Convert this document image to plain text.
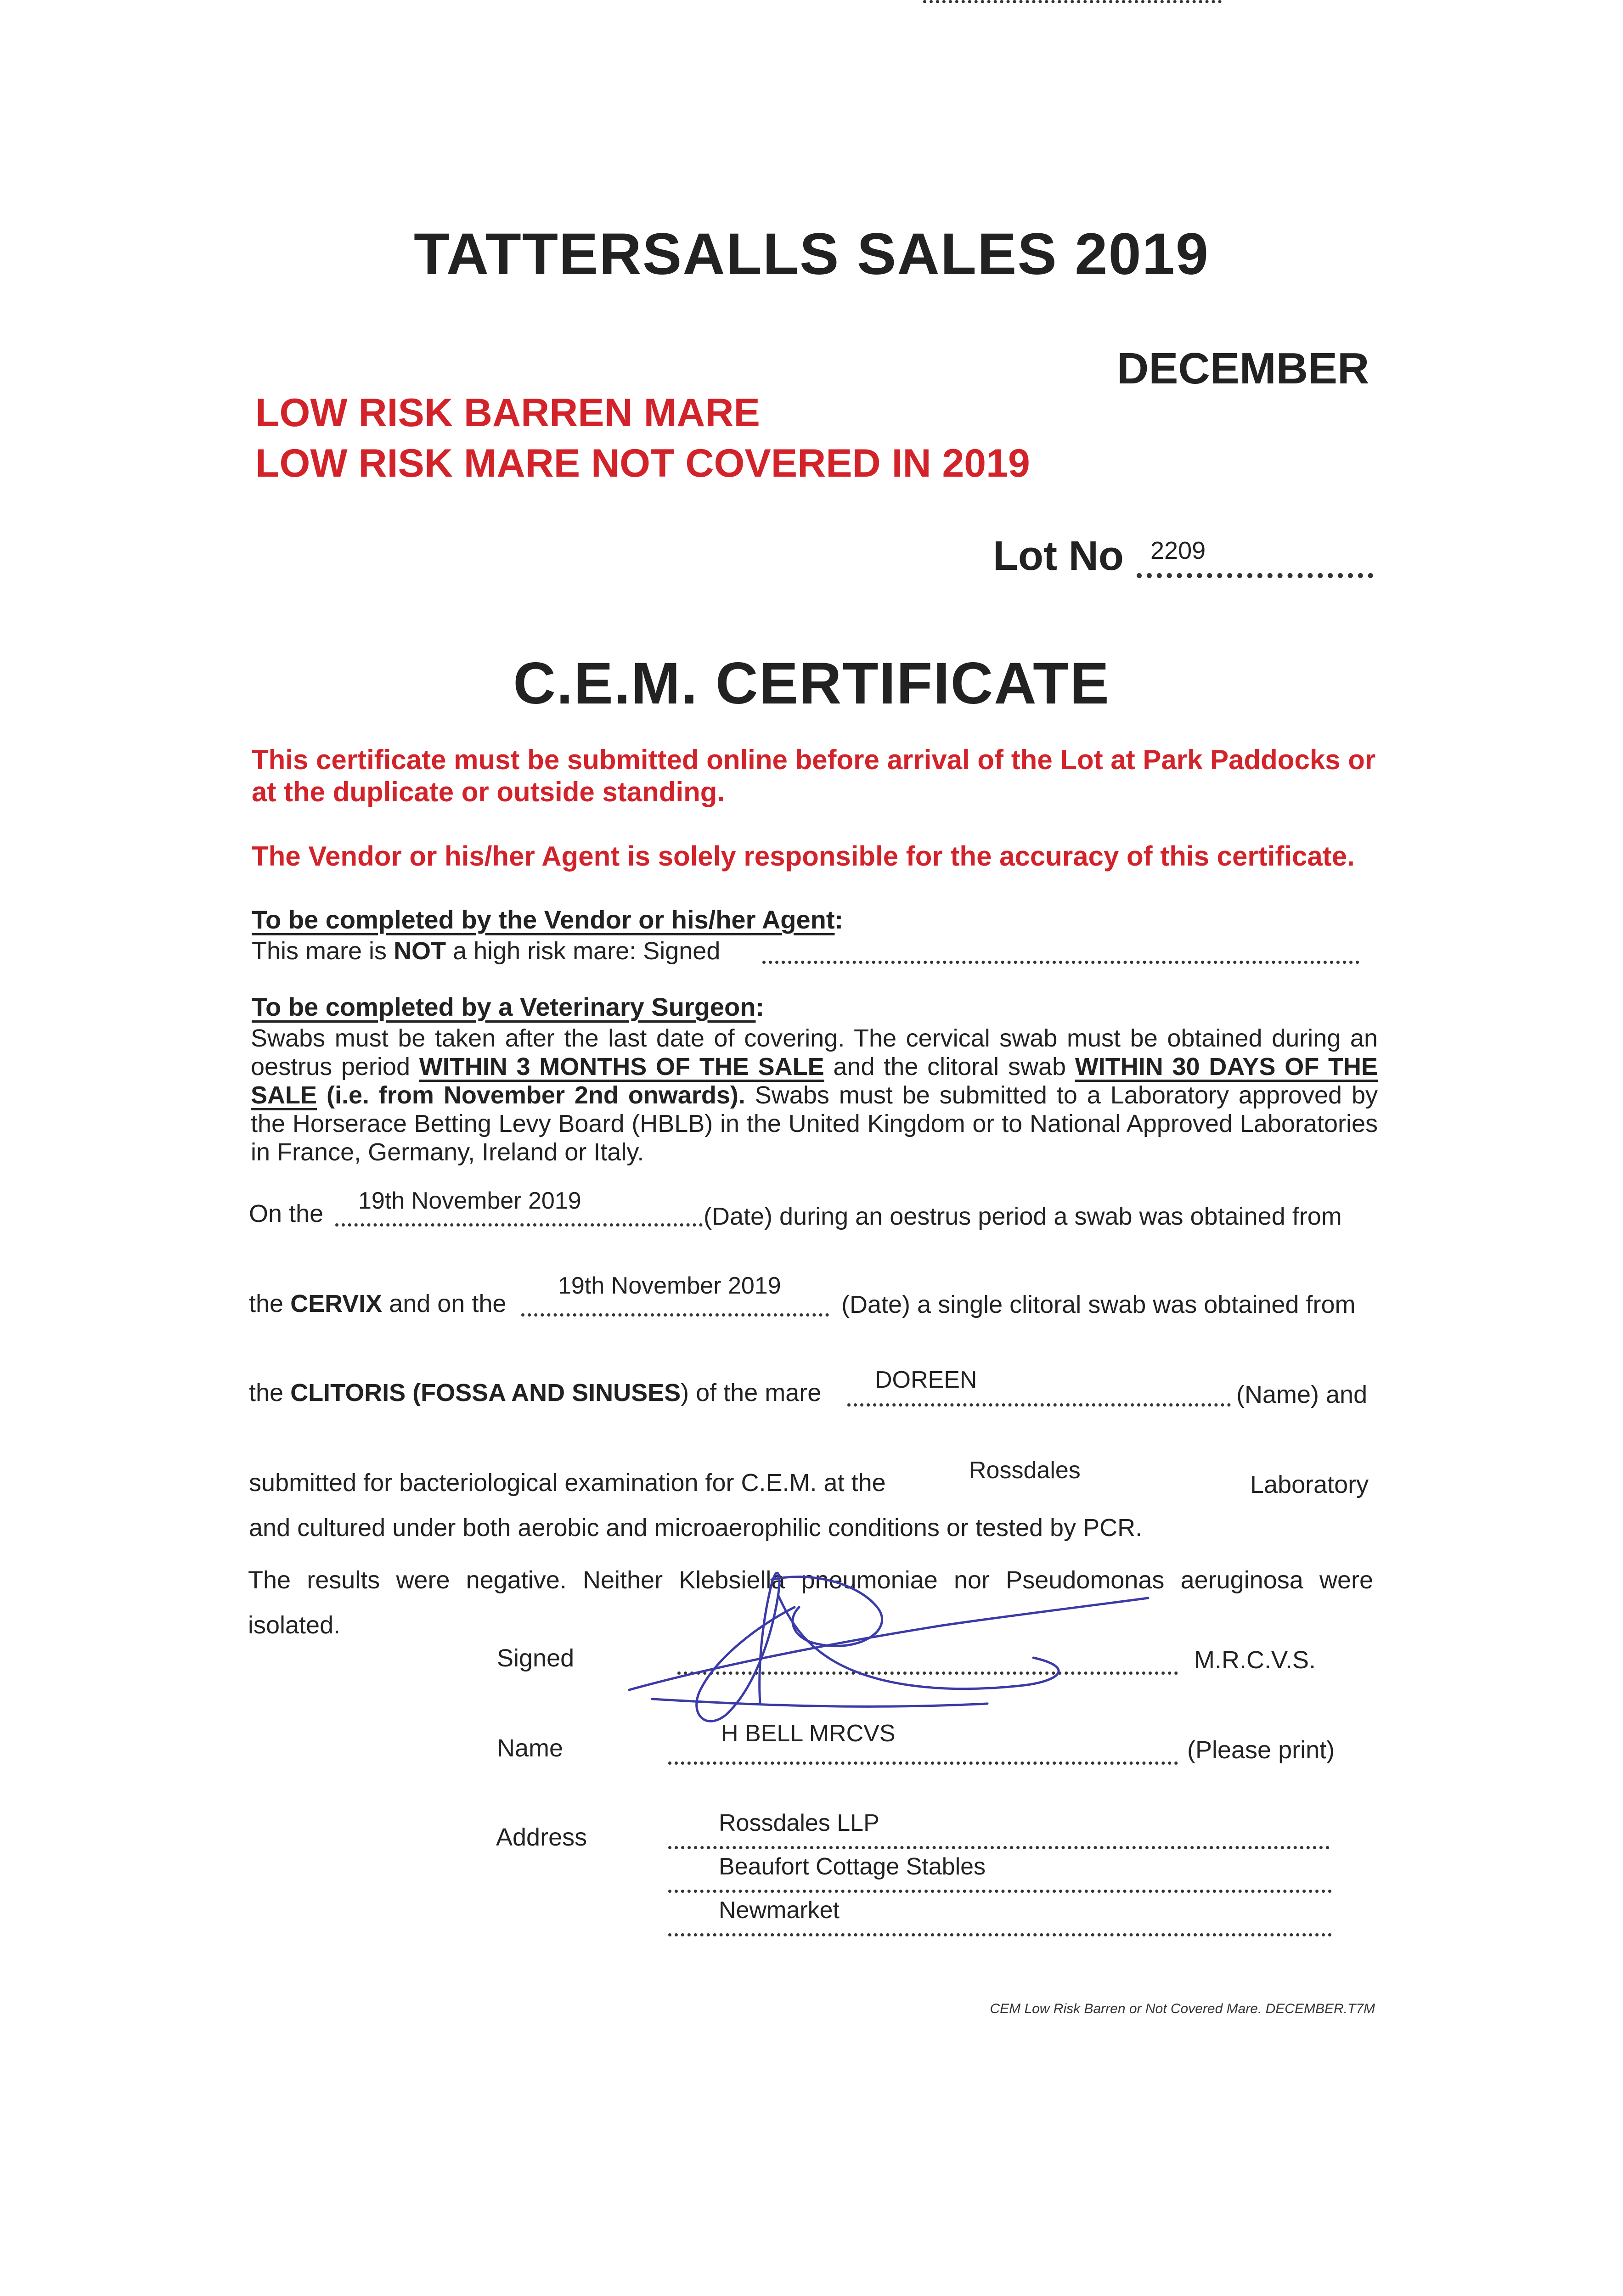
TATTERSALLS SALES 2019
DECEMBER
LOW RISK BARREN MARE
LOW RISK MARE NOT COVERED IN 2019
Lot No 2209
C.E.M. CERTIFICATE
This certificate must be submitted online before arrival of the Lot at Park Paddocks or at the duplicate or outside standing.
The Vendor or his/her Agent is solely responsible for the accuracy of this certificate.
To be completed by the Vendor or his/her Agent:
This mare is NOT a high risk mare: Signed
To be completed by a Veterinary Surgeon:
Swabs must be taken after the last date of covering. The cervical swab must be obtained during an oestrus period WITHIN 3 MONTHS OF THE SALE and the clitoral swab WITHIN 30 DAYS OF THE SALE (i.e. from November 2nd onwards). Swabs must be submitted to a Laboratory approved by the Horserace Betting Levy Board (HBLB) in the United Kingdom or to National Approved Laboratories in France, Germany, Ireland or Italy.
On the 19th November 2019
(Date) during an oestrus period a swab was obtained from
the CERVIX and on the
19th November 2019
(Date) a single clitoral swab was obtained from
the CLITORIS (FOSSA AND SINUSES) of the mare DOREEN
(Name) and
submitted for bacteriological examination for C.E.M. at the	Rossdales
Laboratory
and cultured under both aerobic and microaerophilic conditions or tested by PCR.
The results were negative. Neither Klebsiella pneumoniae nor Pseudomonas aeruginosa were isolated.
Signed	M.R.C.V.S.
Name
H BELL MRCVS
(Please print)
Address
Rossdales LLP
Beaufort Cottage Stables
Newmarket
CEM Low Risk Barren or Not Covered Mare. DECEMBER.T7M
